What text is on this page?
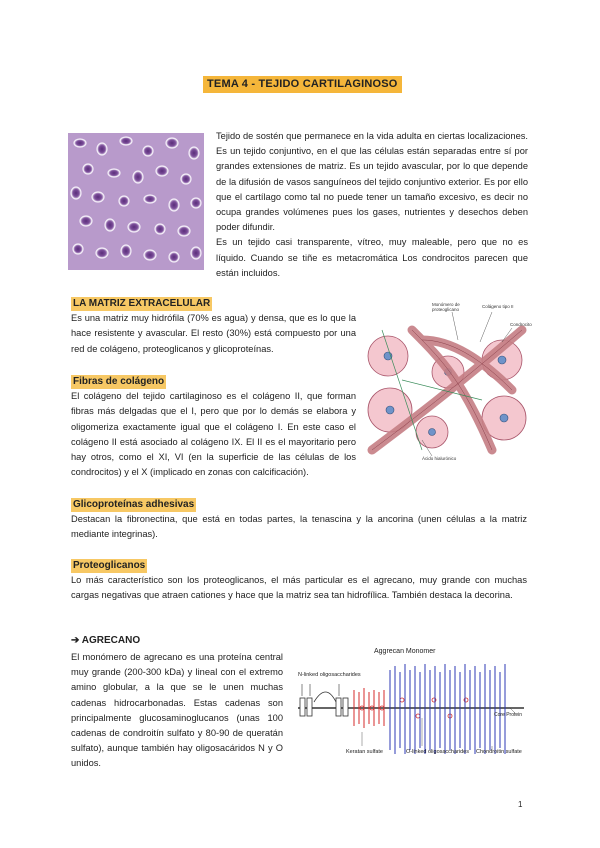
TEMA 4 - TEJIDO CARTILAGINOSO

Tejido de sostén que permanece en la vida adulta en ciertas localizaciones. Es un tejido conjuntivo, en el que las células están separadas entre sí por grandes extensiones de matriz. Es un tejido avascular, por lo que depende de la difusión de vasos sanguíneos del tejido conjuntivo exterior. Es por ello que el cartílago como tal no puede tener un tamaño excesivo, es decir no ocupa grandes volúmenes pues los gases, nutrientes y desechos deben poder difundir.

Es un tejido casi transparente, vítreo, muy maleable, pero que no es líquido. Cuando se tiñe es metacromática Los condrocitos parecen que están incluidos.

LA MATRIZ EXTRACELULAR

Es una matriz muy hidrófila (70% es agua) y densa, que es lo que la hace resistente y avascular. El resto (30%) está compuesto por una red de colágeno, proteoglicanos y glicoproteínas.

Fibras de colágeno

El colágeno del tejido cartilaginoso es el colágeno II, que forman fibras más delgadas que el I, pero que por lo demás se elabora y oligomeriza exactamente igual que el colágeno I. En este caso el colágeno II está asociado al colágeno IX. El II es el mayoritario pero hay otros, como el XI, VI (en la superficie de las células de los condrocitos) y el X (implicado en zonas con calcificación).

Monómero de proteoglicano
Colágeno tipo II
Condrocito
Ácido hialurónico
Glicoproteínas adhesivas

Destacan la fibronectina, que está en todas partes, la tenascina y la ancorina (unen células a la matriz mediante integrinas).

Proteoglicanos

Lo más característico son los proteoglicanos, el más particular es el agrecano, muy grande con muchas cargas negativas que atraen cationes y hace que la matriz sea tan hidrofílica. También destaca la decorina.

➔ AGRECANO

El monómero de agrecano es una proteína central muy grande (200-300 kDa) y lineal con el extremo amino globular, a la que se le unen muchas cadenas hidrocarbonadas. Estas cadenas son principalmente glucosaminoglucanos (unas 100 cadenas de condroitín sulfato y 80-90 de queratán sulfato), aunque también hay oligosacáridos N y O unidos.

Aggrecan Monomer
N-linked oligosaccharides
Core Protein
Keratan sulfate	O-linked oligosaccharides Chondroitin sulfate
1
